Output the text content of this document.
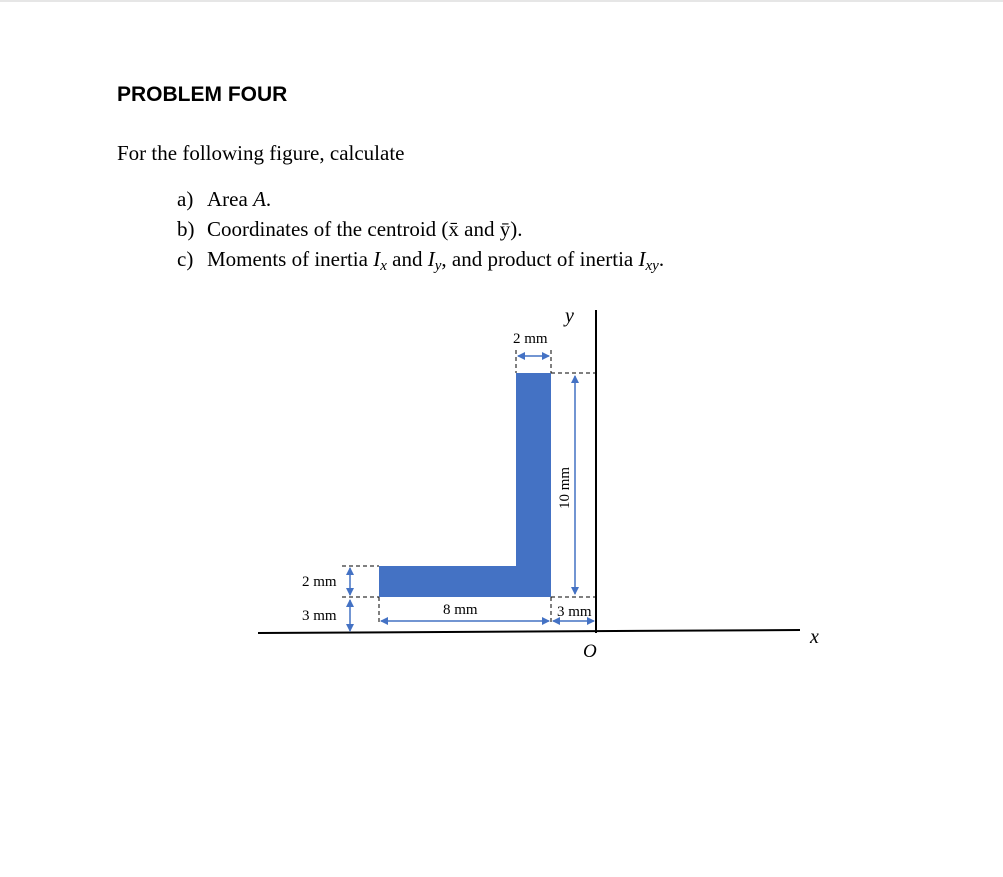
PROBLEM FOUR

For the following figure, calculate

a) Area A.
b) Coordinates of the centroid (x̄ and ȳ).
c) Moments of inertia Ix and Iy, and product of inertia Ixy.
y
x
O
2 mm
10 mm
2 mm
3 mm	8 mm	3 mm
